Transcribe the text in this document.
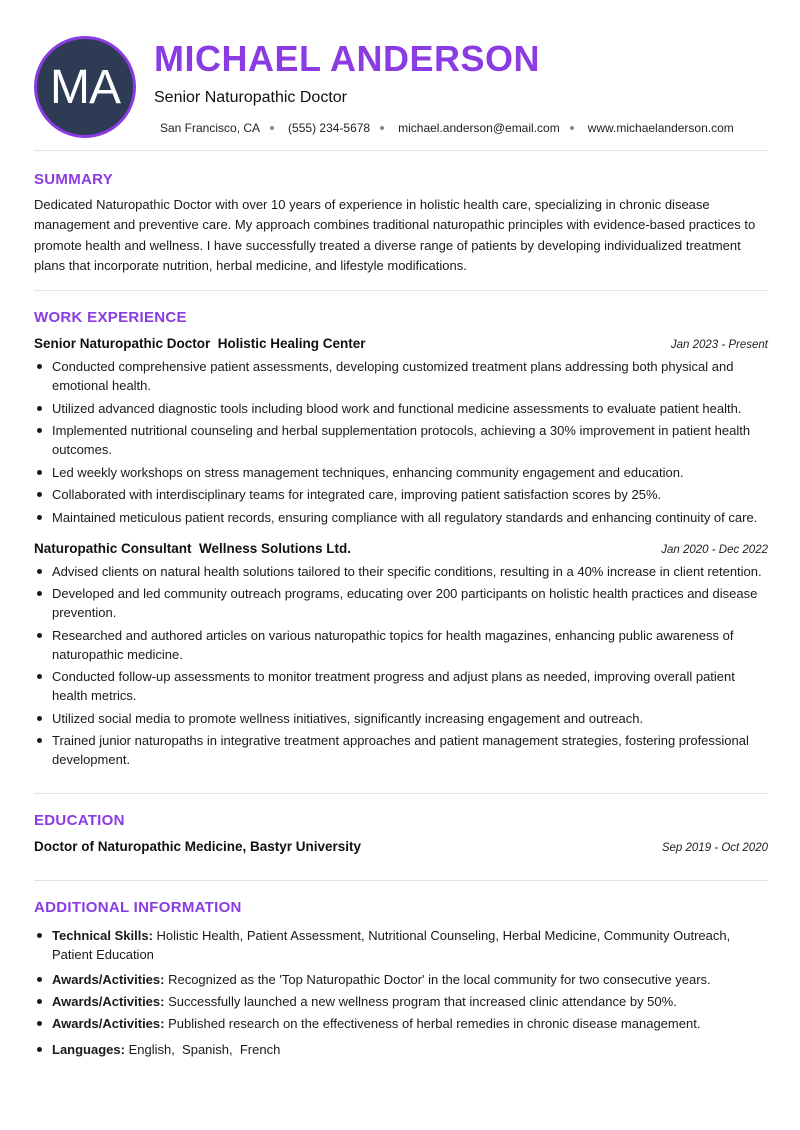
MA
MICHAEL ANDERSON
Senior Naturopathic Doctor
San Francisco, CA (555) 234-5678 michael.anderson@email.com www.michaelanderson.com
SUMMARY
Dedicated Naturopathic Doctor with over 10 years of experience in holistic health care, specializing in chronic disease management and preventive care. My approach combines traditional naturopathic principles with evidence-based practices to promote health and wellness. I have successfully treated a diverse range of patients by developing individualized treatment plans that incorporate nutrition, herbal medicine, and lifestyle modifications.
WORK EXPERIENCE
Senior Naturopathic Doctor  Holistic Healing Center	Jan 2023 - Present
Conducted comprehensive patient assessments, developing customized treatment plans addressing both physical and emotional health.
Utilized advanced diagnostic tools including blood work and functional medicine assessments to evaluate patient health.
Implemented nutritional counseling and herbal supplementation protocols, achieving a 30% improvement in patient health outcomes.
Led weekly workshops on stress management techniques, enhancing community engagement and education.
Collaborated with interdisciplinary teams for integrated care, improving patient satisfaction scores by 25%.
Maintained meticulous patient records, ensuring compliance with all regulatory standards and enhancing continuity of care.
Naturopathic Consultant  Wellness Solutions Ltd.	Jan 2020 - Dec 2022
Advised clients on natural health solutions tailored to their specific conditions, resulting in a 40% increase in client retention.
Developed and led community outreach programs, educating over 200 participants on holistic health practices and disease prevention.
Researched and authored articles on various naturopathic topics for health magazines, enhancing public awareness of naturopathic medicine.
Conducted follow-up assessments to monitor treatment progress and adjust plans as needed, improving overall patient health metrics.
Utilized social media to promote wellness initiatives, significantly increasing engagement and outreach.
Trained junior naturopaths in integrative treatment approaches and patient management strategies, fostering professional development.
EDUCATION
Doctor of Naturopathic Medicine, Bastyr University	Sep 2019 - Oct 2020
ADDITIONAL INFORMATION
Technical Skills: Holistic Health, Patient Assessment, Nutritional Counseling, Herbal Medicine, Community Outreach, Patient Education
Awards/Activities: Recognized as the 'Top Naturopathic Doctor' in the local community for two consecutive years.
Awards/Activities: Successfully launched a new wellness program that increased clinic attendance by 50%.
Awards/Activities: Published research on the effectiveness of herbal remedies in chronic disease management.
Languages: English,  Spanish,  French
